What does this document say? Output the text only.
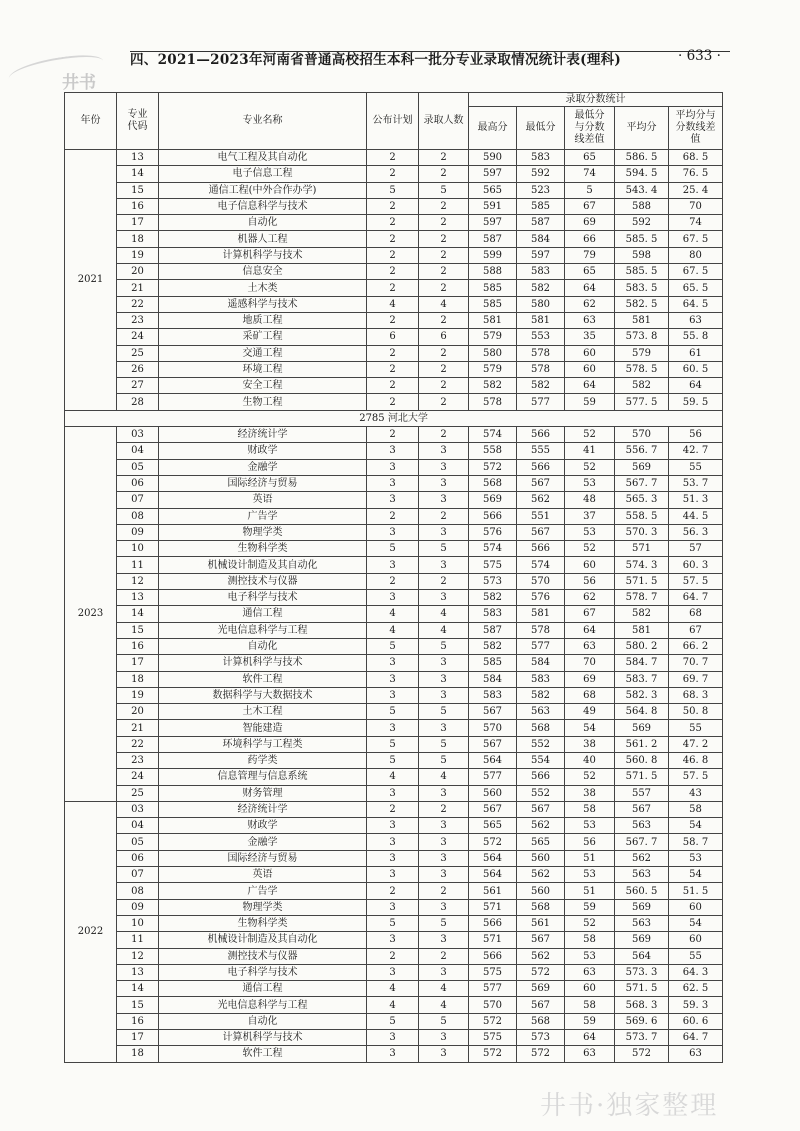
井书
四、2021—2023年河南省普通高校招生本科一批分专业录取情况统计表(理科)	· 633 ·
年份	专业代码	专业名称	公布计划	录取人数	录取分数统计				
					最高分	最低分	最低分与分数线差值	平均分	平均分与分数线差值
2021	13	电气工程及其自动化	2	2	590	583	65	586. 5	68. 5
	14	电子信息工程	2	2	597	592	74	594. 5	76. 5
	15	通信工程(中外合作办学)	5	5	565	523	5	543. 4	25. 4
	16	电子信息科学与技术	2	2	591	585	67	588	70
	17	自动化	2	2	597	587	69	592	74
	18	机器人工程	2	2	587	584	66	585. 5	67. 5
	19	计算机科学与技术	2	2	599	597	79	598	80
	20	信息安全	2	2	588	583	65	585. 5	67. 5
	21	土木类	2	2	585	582	64	583. 5	65. 5
	22	遥感科学与技术	4	4	585	580	62	582. 5	64. 5
	23	地质工程	2	2	581	581	63	581	63
	24	采矿工程	6	6	579	553	35	573. 8	55. 8
	25	交通工程	2	2	580	578	60	579	61
	26	环境工程	2	2	579	578	60	578. 5	60. 5
	27	安全工程	2	2	582	582	64	582	64
	28	生物工程	2	2	578	577	59	577. 5	59. 5
2785 河北大学									
2023	03	经济统计学	2	2	574	566	52	570	56
	04	财政学	3	3	558	555	41	556. 7	42. 7
	05	金融学	3	3	572	566	52	569	55
	06	国际经济与贸易	3	3	568	567	53	567. 7	53. 7
	07	英语	3	3	569	562	48	565. 3	51. 3
	08	广告学	2	2	566	551	37	558. 5	44. 5
	09	物理学类	3	3	576	567	53	570. 3	56. 3
	10	生物科学类	5	5	574	566	52	571	57
	11	机械设计制造及其自动化	3	3	575	574	60	574. 3	60. 3
	12	测控技术与仪器	2	2	573	570	56	571. 5	57. 5
	13	电子科学与技术	3	3	582	576	62	578. 7	64. 7
	14	通信工程	4	4	583	581	67	582	68
	15	光电信息科学与工程	4	4	587	578	64	581	67
	16	自动化	5	5	582	577	63	580. 2	66. 2
	17	计算机科学与技术	3	3	585	584	70	584. 7	70. 7
	18	软件工程	3	3	584	583	69	583. 7	69. 7
	19	数据科学与大数据技术	3	3	583	582	68	582. 3	68. 3
	20	土木工程	5	5	567	563	49	564. 8	50. 8
	21	智能建造	3	3	570	568	54	569	55
	22	环境科学与工程类	5	5	567	552	38	561. 2	47. 2
	23	药学类	5	5	564	554	40	560. 8	46. 8
	24	信息管理与信息系统	4	4	577	566	52	571. 5	57. 5
	25	财务管理	3	3	560	552	38	557	43
2022	03	经济统计学	2	2	567	567	58	567	58
	04	财政学	3	3	565	562	53	563	54
	05	金融学	3	3	572	565	56	567. 7	58. 7
	06	国际经济与贸易	3	3	564	560	51	562	53
	07	英语	3	3	564	562	53	563	54
	08	广告学	2	2	561	560	51	560. 5	51. 5
	09	物理学类	3	3	571	568	59	569	60
	10	生物科学类	5	5	566	561	52	563	54
	11	机械设计制造及其自动化	3	3	571	567	58	569	60
	12	测控技术与仪器	2	2	566	562	53	564	55
	13	电子科学与技术	3	3	575	572	63	573. 3	64. 3
	14	通信工程	4	4	577	569	60	571. 5	62. 5
	15	光电信息科学与工程	4	4	570	567	58	568. 3	59. 3
	16	自动化	5	5	572	568	59	569. 6	60. 6
	17	计算机科学与技术	3	3	575	573	64	573. 7	64. 7
	18	软件工程	3	3	572	572	63	572	63
井书·独家整理
